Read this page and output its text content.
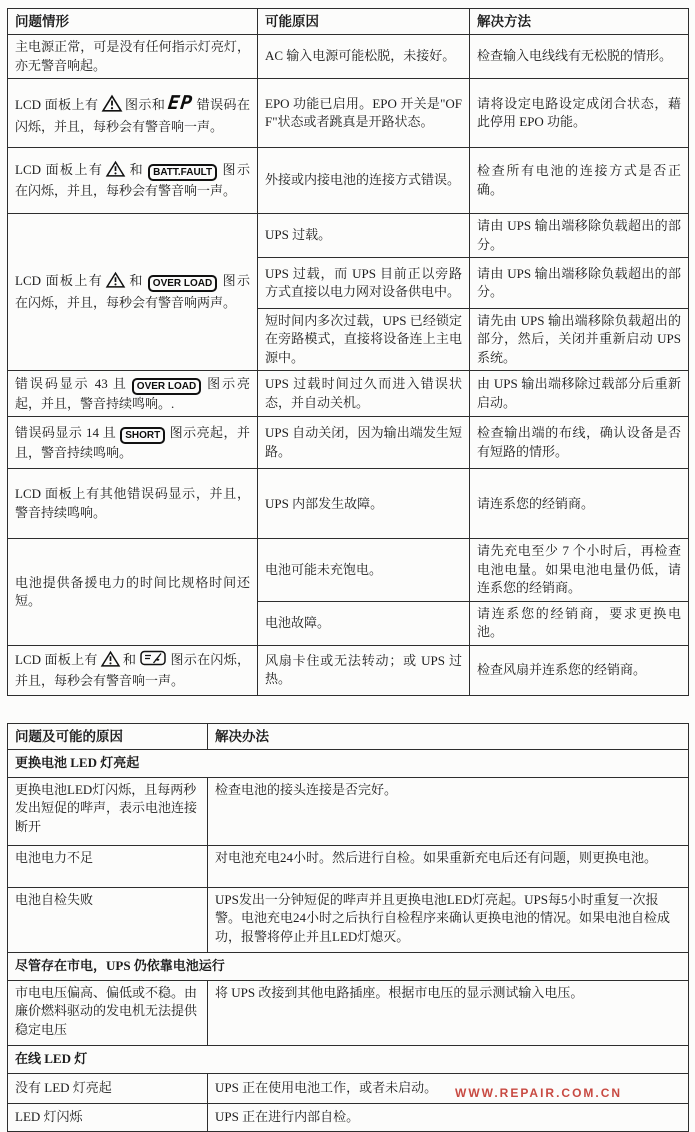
问题情形	可能原因	解决方法
主电源正常，可是没有任何指示灯亮灯，亦无警音响起。	AC 输入电源可能松脱，未接好。	检查输入电线线有无松脱的情形。
LCD 面板上有 图示和EP 错误码在闪烁，并且，每秒会有警音响一声。	EPO 功能已启用。EPO 开关是"OFF"状态或者跳真是开路状态。	请将设定电路设定成闭合状态，藉此停用 EPO 功能。
LCD 面板上有 和 BATT.FAULT 图示在闪烁，并且，每秒会有警音响一声。	外接或内接电池的连接方式错误。	检查所有电池的连接方式是否正确。
LCD 面板上有 和 OVER LOAD 图示在闪烁，并且，每秒会有警音响两声。	UPS 过载。	请由 UPS 输出端移除负载超出的部分。
	UPS 过载，而 UPS 目前正以旁路方式直接以电力网对设备供电中。	请由 UPS 输出端移除负载超出的部分。
	短时间内多次过载，UPS 已经锁定在旁路模式，直接将设备连上主电源中。	请先由 UPS 输出端移除负载超出的部分，然后，关闭并重新启动 UPS 系统。
错误码显示 43 且 OVER LOAD 图示亮起，并且，警音持续鸣响。.	UPS 过载时间过久而进入错误状态，并自动关机。	由 UPS 输出端移除过载部分后重新启动。
错误码显示 14 且 SHORT 图示亮起，并且，警音持续鸣响。	UPS 自动关闭，因为输出端发生短路。	检查输出端的布线，确认设备是否有短路的情形。
LCD 面板上有其他错误码显示，并且，警音持续鸣响。	UPS 内部发生故障。	请连系您的经销商。
电池提供备援电力的时间比规格时间还短。	电池可能未充饱电。	请先充电至少 7 个小时后，再检查电池电量。如果电池电量仍低，请连系您的经销商。
	电池故障。	请连系您的经销商，要求更换电池。
LCD 面板上有 和 图示在闪烁，并且，每秒会有警音响一声。	风扇卡住或无法转动；或 UPS 过热。	检查风扇并连系您的经销商。
问题及可能的原因	解决办法
更换电池 LED 灯亮起	
更换电池LED灯闪烁，且每两秒发出短促的哔声，表示电池连接断开	检查电池的接头连接是否完好。
电池电力不足	对电池充电24小时。然后进行自检。如果重新充电后还有问题，则更换电池。
电池自检失败	UPS发出一分钟短促的哔声并且更换电池LED灯亮起。UPS每5小时重复一次报警。电池充电24小时之后执行自检程序来确认更换电池的情况。如果电池自检成功，报警将停止并且LED灯熄灭。
尽管存在市电，UPS 仍依靠电池运行	
市电电压偏高、偏低或不稳。由廉价燃料驱动的发电机无法提供稳定电压	将 UPS 改接到其他电路插座。根据市电压的显示测试输入电压。
在线 LED 灯	
没有 LED 灯亮起	UPS 正在使用电池工作，或者未启动。
LED 灯闪烁	UPS 正在进行内部自检。
WWW.REPAIR.COM.CN
